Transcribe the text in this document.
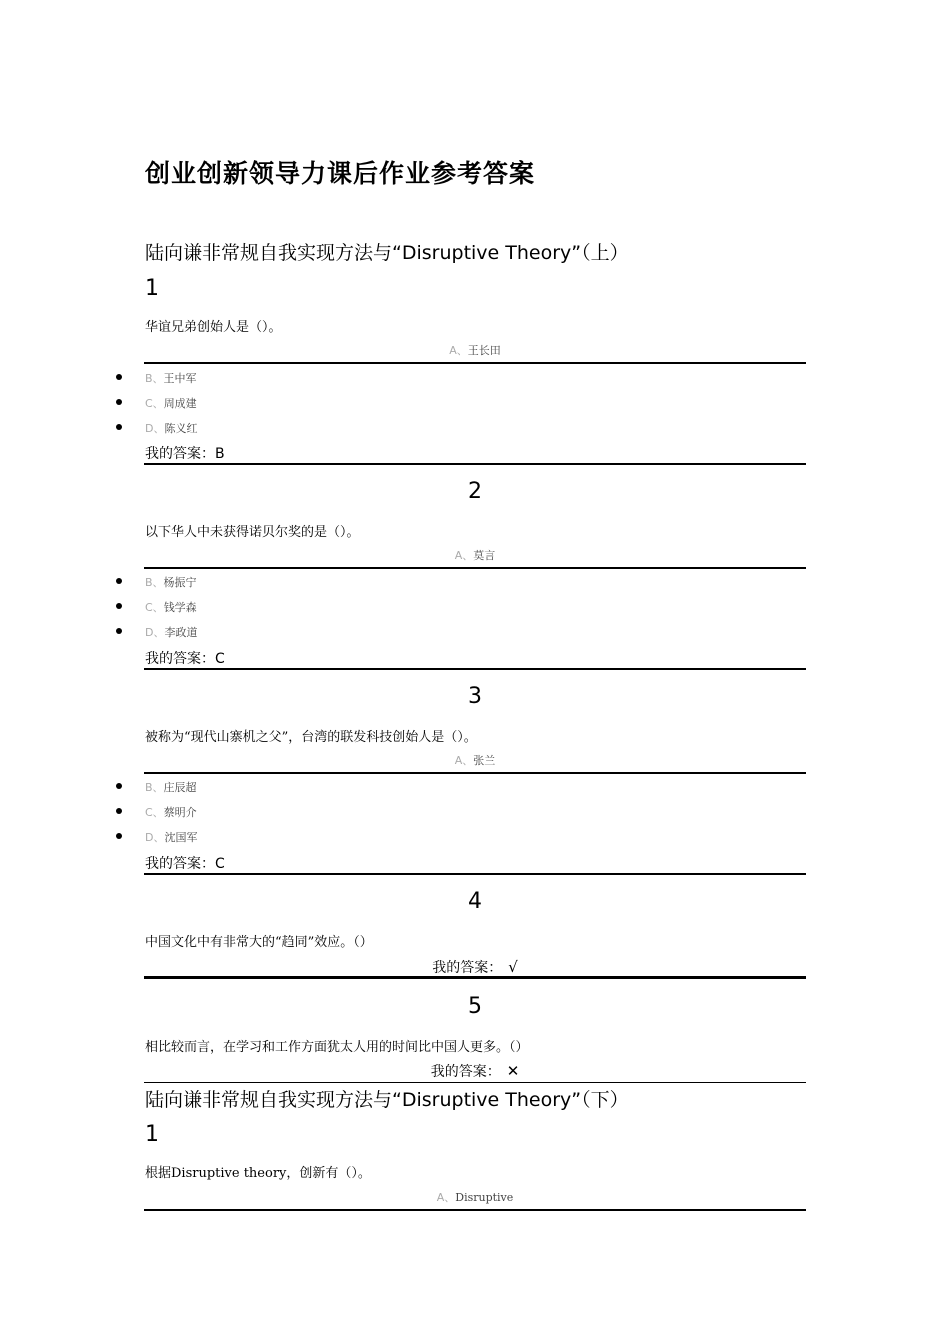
创业创新领导力课后作业参考答案
陆向谦非常规自我实现方法与“Disruptive Theory”（上）
1
华谊兄弟创始人是（）。
A、王长田
B、王中军
C、周成建
D、陈义红
我的答案：B
2
以下华人中未获得诺贝尔奖的是（）。
A、莫言
B、杨振宁
C、钱学森
D、李政道
我的答案：C
3
被称为“现代山寨机之父”，台湾的联发科技创始人是（）。
A、张兰
B、庄辰超
C、蔡明介
D、沈国军
我的答案：C
4
中国文化中有非常大的“趋同”效应。（）
我的答案： √
5
相比较而言，在学习和工作方面犹太人用的时间比中国人更多。（）
我的答案： ✕
陆向谦非常规自我实现方法与“Disruptive Theory”（下）
1
根据Disruptive theory，创新有（）。
A、Disruptive
